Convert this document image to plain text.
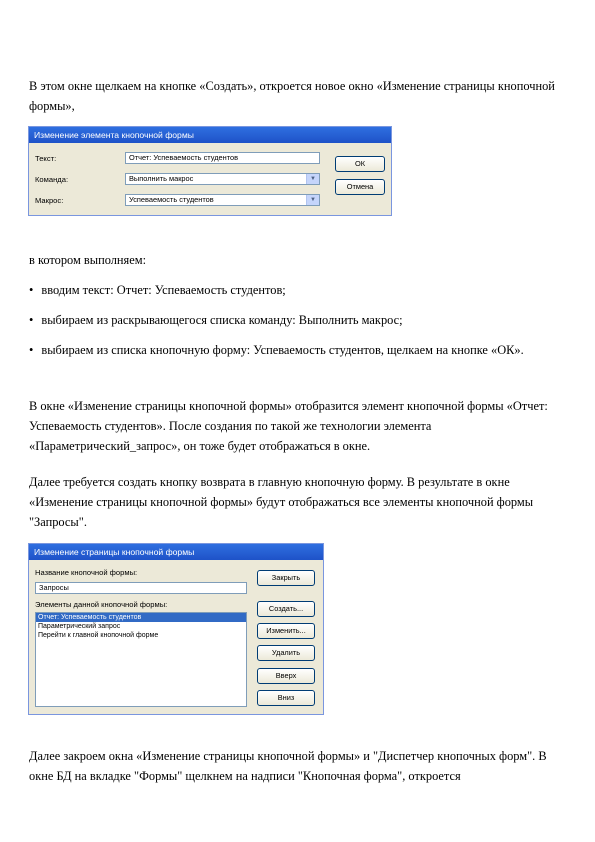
В этом окне щелкаем на кнопке «Создать», откроется новое окно «Изменение страницы кнопочной формы»,

Изменение элемента кнопочной формы
Текст:	Отчет: Успеваемость студентов
Команда:	Выполнить макрос	▼
Макрос:	Успеваемость студентов	▼
ОК
Отмена

в котором выполняем:

• вводим текст: Отчет: Успеваемость студентов;

• выбираем из раскрывающегося списка команду: Выполнить макрос;

• выбираем из списка кнопочную форму: Успеваемость студентов, щелкаем на кнопке «ОК».

В окне «Изменение страницы кнопочной формы» отобразится элемент кнопочной формы «Отчет: Успеваемость студентов». После создания по такой же технологии элемента «Параметрический_запрос», он тоже будет отображаться в окне.

Далее требуется создать кнопку возврата в главную кнопочную форму. В результате в окне «Изменение страницы кнопочной формы» будут отображаться все элементы кнопочной формы "Запросы".

Изменение страницы кнопочной формы
Название кнопочной формы:
Запросы
Элементы данной кнопочной формы:
Отчет: Успеваемость студентов
Параметрический запрос
Перейти к главной кнопочной форме
Закрыть
Создать...
Изменить...
Удалить
Вверх
Вниз

Далее закроем окна «Изменение страницы кнопочной формы» и "Диспетчер кнопочных форм". В окне БД на вкладке "Формы" щелкнем на надписи "Кнопочная форма", откроется
